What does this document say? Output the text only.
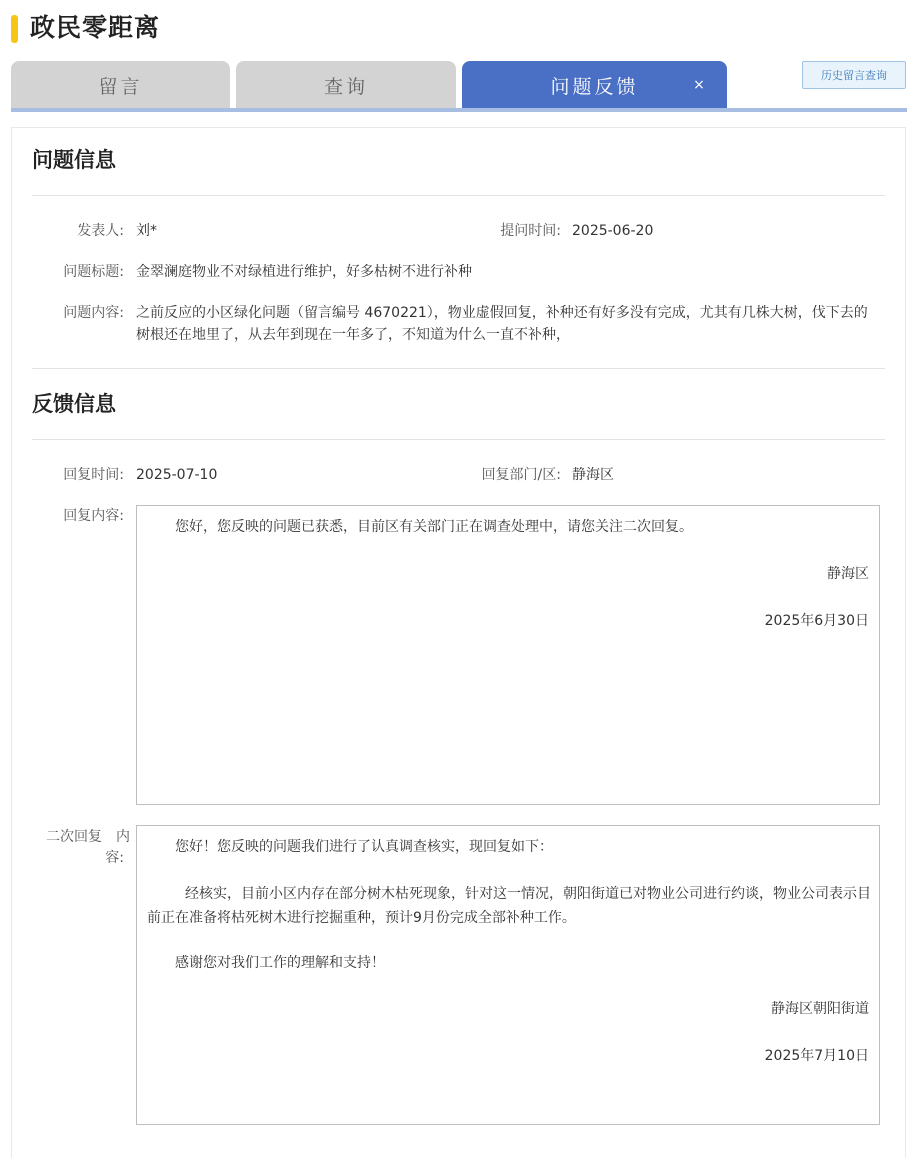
政民零距离
留言	查询	问题反馈	×
历史留言查询
问题信息
发表人: 刘*	提问时间: 2025-06-20
问题标题: 金翠澜庭物业不对绿植进行维护，好多枯树不进行补种
问题内容: 之前反应的小区绿化问题（留言编号 4670221），物业虚假回复，补种还有好多没有完成，尤其有几株大树，伐下去的树根还在地里了，从去年到现在一年多了，不知道为什么一直不补种，
反馈信息
回复时间: 2025-07-10	回复部门/区: 静海区
回复内容:

您好，您反映的问题已获悉，目前区有关部门正在调查处理中，请您关注二次回复。

静海区

2025年6月30日

二次回复　内
容:

您好！您反映的问题我们进行了认真调查核实，现回复如下：

经核实，目前小区内存在部分树木枯死现象，针对这一情况，朝阳街道已对物业公司进行约谈，物业公司表示目前正在准备将枯死树木进行挖掘重种，预计9月份完成全部补种工作。

感谢您对我们工作的理解和支持！

静海区朝阳街道

2025年7月10日
